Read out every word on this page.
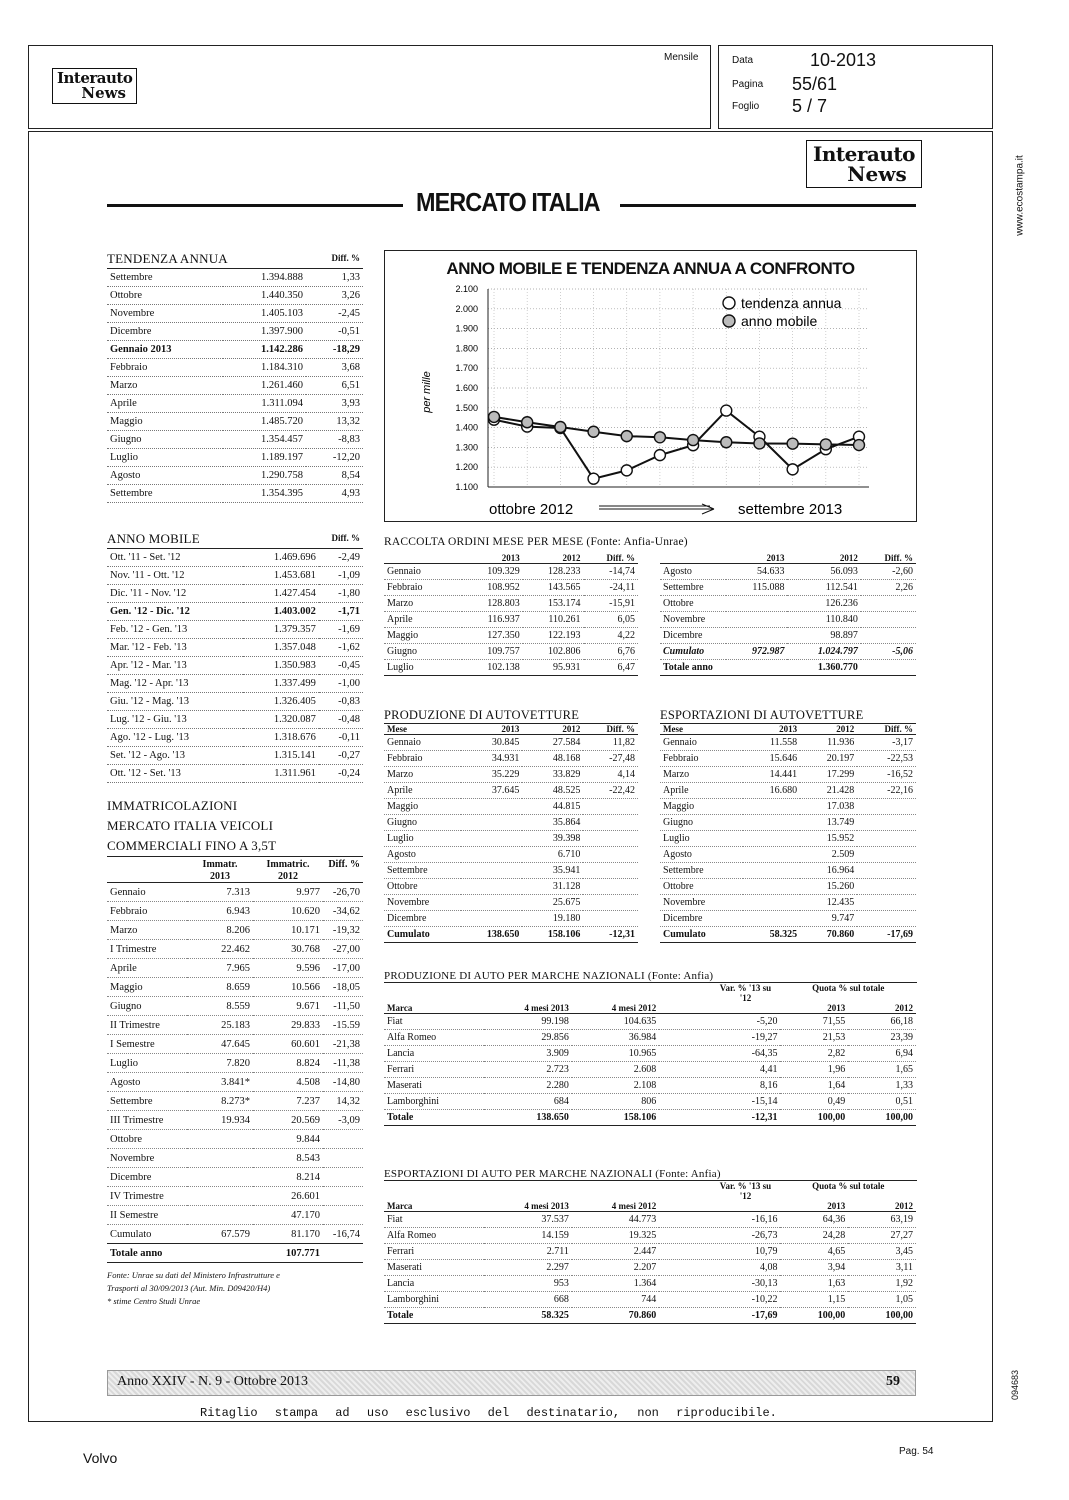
Interauto
News
Mensile	Data	10-2013
Pagina 55/61
Foglio 5 / 7
www.ecostampa.it
094683
Interauto
News
MERCATO ITALIA
TENDENZA ANNUA	Diff. %
Settembre	1.394.888	1,33
Ottobre	1.440.350	3,26
Novembre	1.405.103	-2,45
Dicembre	1.397.900	-0,51
Gennaio 2013	1.142.286	-18,29
Febbraio	1.184.310	3,68
Marzo	1.261.460	6,51
Aprile	1.311.094	3,93
Maggio	1.485.720	13,32
Giugno	1.354.457	-8,83
Luglio	1.189.197	-12,20
Agosto	1.290.758	8,54
Settembre	1.354.395	4,93
ANNO MOBILE	Diff. %
Ott. '11 - Set. '12	1.469.696	-2,49
Nov. '11 - Ott. '12	1.453.681	-1,09
Dic. '11 - Nov. '12	1.427.454	-1,80
Gen. '12 - Dic. '12	1.403.002	-1,71
Feb. '12 - Gen. '13	1.379.357	-1,69
Mar. '12 - Feb. '13	1.357.048	-1,62
Apr. '12 - Mar. '13	1.350.983	-0,45
Mag. '12 - Apr. '13	1.337.499	-1,00
Giu. '12 - Mag. '13	1.326.405	-0,83
Lug. '12 - Giu. '13	1.320.087	-0,48
Ago. '12 - Lug. '13	1.318.676	-0,11
Set. '12 - Ago. '13	1.315.141	-0,27
Ott. '12 - Set. '13	1.311.961	-0,24
IMMATRICOLAZIONI
MERCATO ITALIA VEICOLI
COMMERCIALI FINO A 3,5T
	Immatr. 2013	Immatric. 2012	Diff. %
Gennaio	7.313	9.977	-26,70
Febbraio	6.943	10.620	-34,62
Marzo	8.206	10.171	-19,32
I Trimestre	22.462	30.768	-27,00
Aprile	7.965	9.596	-17,00
Maggio	8.659	10.566	-18,05
Giugno	8.559	9.671	-11,50
II Trimestre	25.183	29.833	-15.59
I Semestre	47.645	60.601	-21,38
Luglio	7.820	8.824	-11,38
Agosto	3.841*	4.508	-14,80
Settembre	8.273*	7.237	14,32
III Trimestre	19.934	20.569	-3,09
Ottobre		9.844	
Novembre		8.543	
Dicembre		8.214	
IV Trimestre		26.601	
II Semestre		47.170	
Cumulato	67.579	81.170	-16,74
Totale anno		107.771	
Fonte: Unrae su dati del Ministero Infrastrutture e
Trasporti al 30/09/2013 (Aut. Min. D09420/H4)
* stime Centro Studi Unrae
ANNO MOBILE E TENDENZA ANNUA A CONFRONTO
2.100
2.000
1.900
1.800
1.700
1.600
1.500
1.400
1.300
1.200
1.100
per mille
tendenza annua
anno mobile
ottobre 2012	settembre 2013
RACCOLTA ORDINI MESE PER MESE (Fonte: Anfia-Unrae)
	2013	2012	Diff. %
Gennaio	109.329	128.233	-14,74
Febbraio	108.952	143.565	-24,11
Marzo	128.803	153.174	-15,91
Aprile	116.937	110.261	6,05
Maggio	127.350	122.193	4,22
Giugno	109.757	102.806	6,76
Luglio	102.138	95.931	6,47
	2013	2012	Diff. %
Agosto	54.633	56.093	-2,60
Settembre	115.088	112.541	2,26
Ottobre		126.236	
Novembre		110.840	
Dicembre		98.897	
Cumulato	972.987	1.024.797	-5,06
Totale anno		1.360.770	
PRODUZIONE DI AUTOVETTURE
Mese	2013	2012	Diff. %
Gennaio	30.845	27.584	11,82
Febbraio	34.931	48.168	-27,48
Marzo	35.229	33.829	4,14
Aprile	37.645	48.525	-22,42
Maggio		44.815	
Giugno		35.864	
Luglio		39.398	
Agosto		6.710	
Settembre		35.941	
Ottobre		31.128	
Novembre		25.675	
Dicembre		19.180	
Cumulato	138.650	158.106	-12,31
ESPORTAZIONI DI AUTOVETTURE
Mese	2013	2012	Diff. %
Gennaio	11.558	11.936	-3,17
Febbraio	15.646	20.197	-22,53
Marzo	14.441	17.299	-16,52
Aprile	16.680	21.428	-22,16
Maggio		17.038	
Giugno		13.749	
Luglio		15.952	
Agosto		2.509	
Settembre		16.964	
Ottobre		15.260	
Novembre		12.435	
Dicembre		9.747	
Cumulato	58.325	70.860	-17,69
PRODUZIONE DI AUTO PER MARCHE NAZIONALI (Fonte: Anfia)
			Var. % '13 su '12	Quota % sul totale	
Marca	4 mesi 2013	4 mesi 2012		2013	2012
Fiat	99.198	104.635	-5,20	71,55	66,18
Alfa Romeo	29.856	36.984	-19,27	21,53	23,39
Lancia	3.909	10.965	-64,35	2,82	6,94
Ferrari	2.723	2.608	4,41	1,96	1,65
Maserati	2.280	2.108	8,16	1,64	1,33
Lamborghini	684	806	-15,14	0,49	0,51
Totale	138.650	158.106	-12,31	100,00	100,00
ESPORTAZIONI DI AUTO PER MARCHE NAZIONALI (Fonte: Anfia)
			Var. % '13 su '12	Quota % sul totale	
Marca	4 mesi 2013	4 mesi 2012		2013	2012
Fiat	37.537	44.773	-16,16	64,36	63,19
Alfa Romeo	14.159	19.325	-26,73	24,28	27,27
Ferrari	2.711	2.447	10,79	4,65	3,45
Maserati	2.297	2.207	4,08	3,94	3,11
Lancia	953	1.364	-30,13	1,63	1,92
Lamborghini	668	744	-10,22	1,15	1,05
Totale	58.325	70.860	-17,69	100,00	100,00
Anno XXIV - N. 9 - Ottobre 2013	59
Ritaglio stampa ad uso esclusivo del destinatario, non riproducibile.
Volvo	Pag. 54
